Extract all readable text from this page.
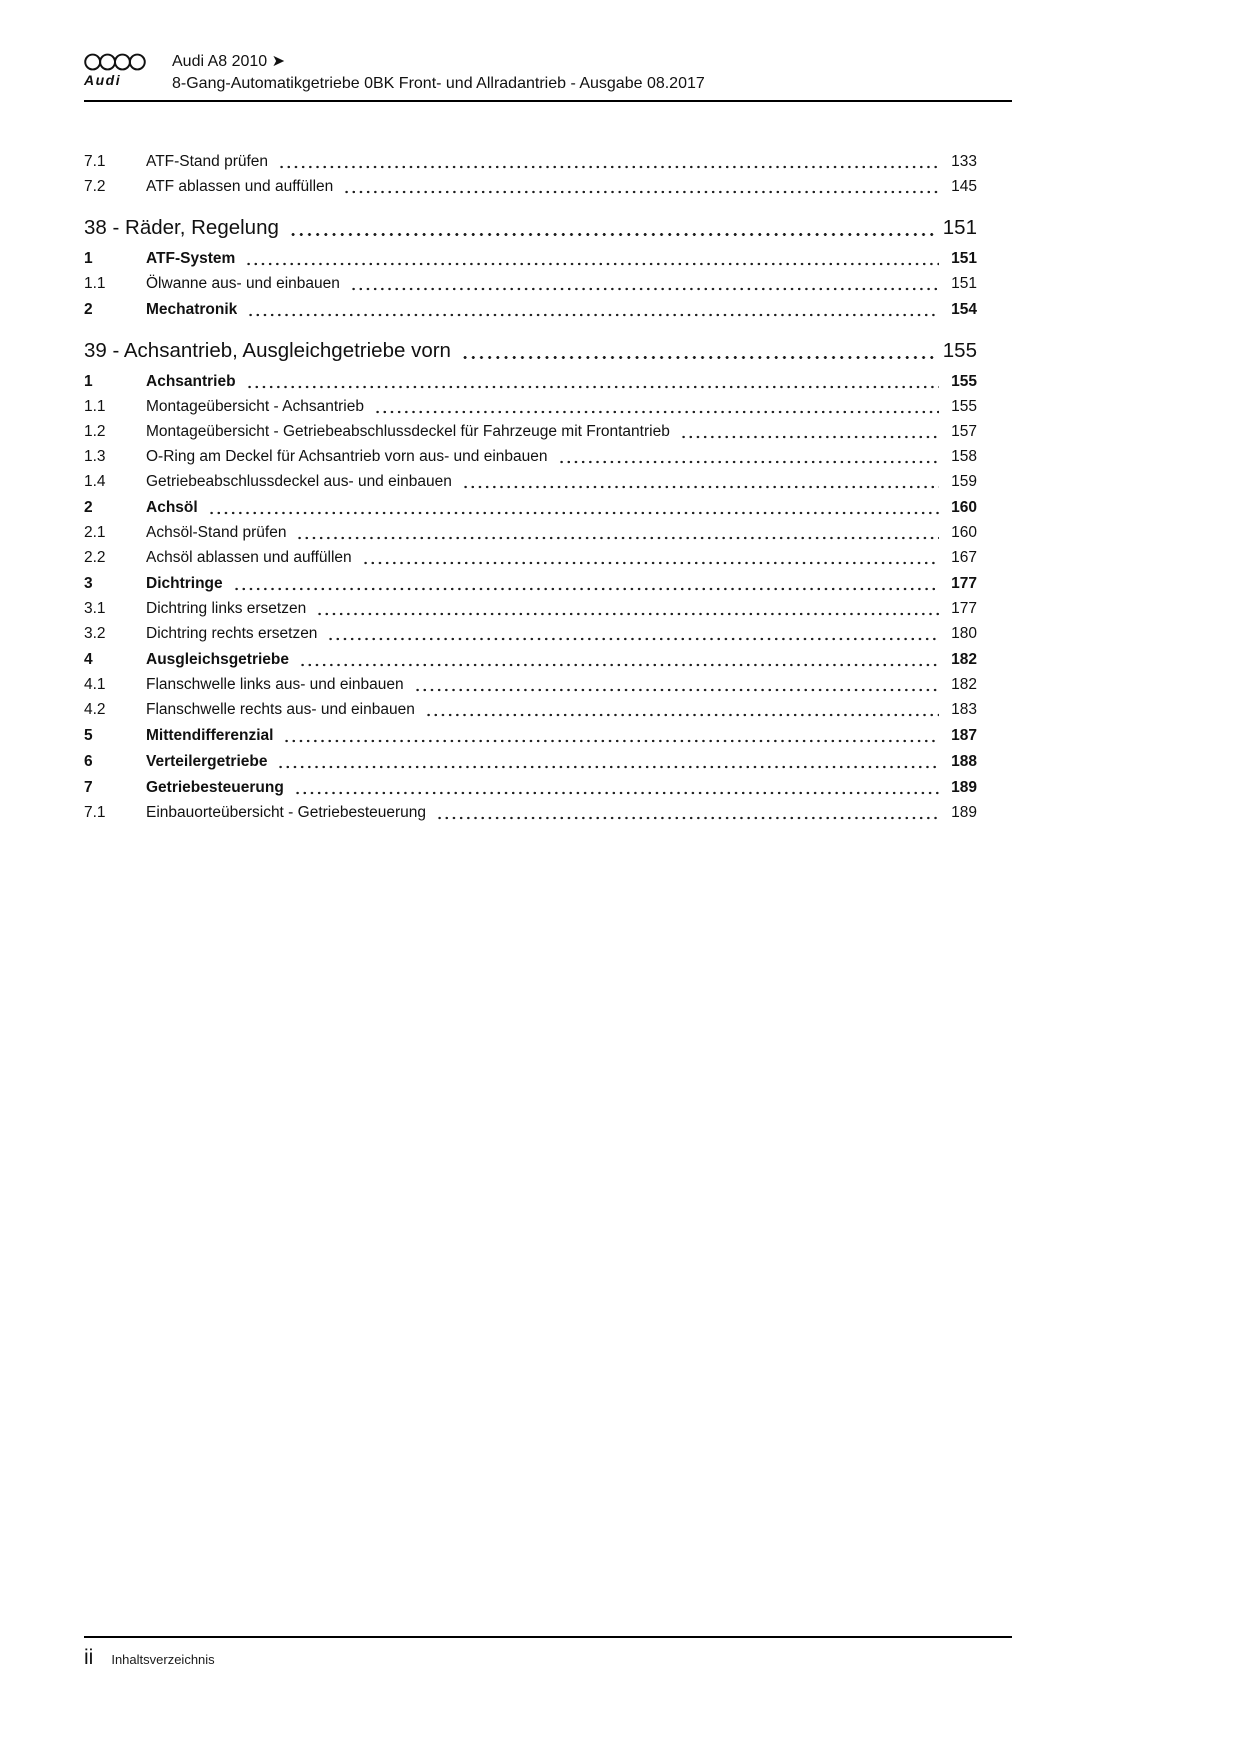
Audi
Audi A8 2010 ➤
8-Gang-Automatikgetriebe 0BK Front- und Allradantrieb - Ausgabe 08.2017
7.1	ATF-Stand prüfen	133
7.2	ATF ablassen und auffüllen	145
38 - Räder, Regelung	151
1	ATF-System	151
1.1	Ölwanne aus- und einbauen	151
2	Mechatronik	154
39 - Achsantrieb, Ausgleichgetriebe vorn	155
1	Achsantrieb	155
1.1	Montageübersicht - Achsantrieb	155
1.2	Montageübersicht - Getriebeabschlussdeckel für Fahrzeuge mit Frontantrieb	157
1.3	O-Ring am Deckel für Achsantrieb vorn aus- und einbauen	158
1.4	Getriebeabschlussdeckel aus- und einbauen	159
2	Achsöl	160
2.1	Achsöl-Stand prüfen	160
2.2	Achsöl ablassen und auffüllen	167
3	Dichtringe	177
3.1	Dichtring links ersetzen	177
3.2	Dichtring rechts ersetzen	180
4	Ausgleichsgetriebe	182
4.1	Flanschwelle links aus- und einbauen	182
4.2	Flanschwelle rechts aus- und einbauen	183
5	Mittendifferenzial	187
6	Verteilergetriebe	188
7	Getriebesteuerung	189
7.1	Einbauorteübersicht - Getriebesteuerung	189
ii Inhaltsverzeichnis
